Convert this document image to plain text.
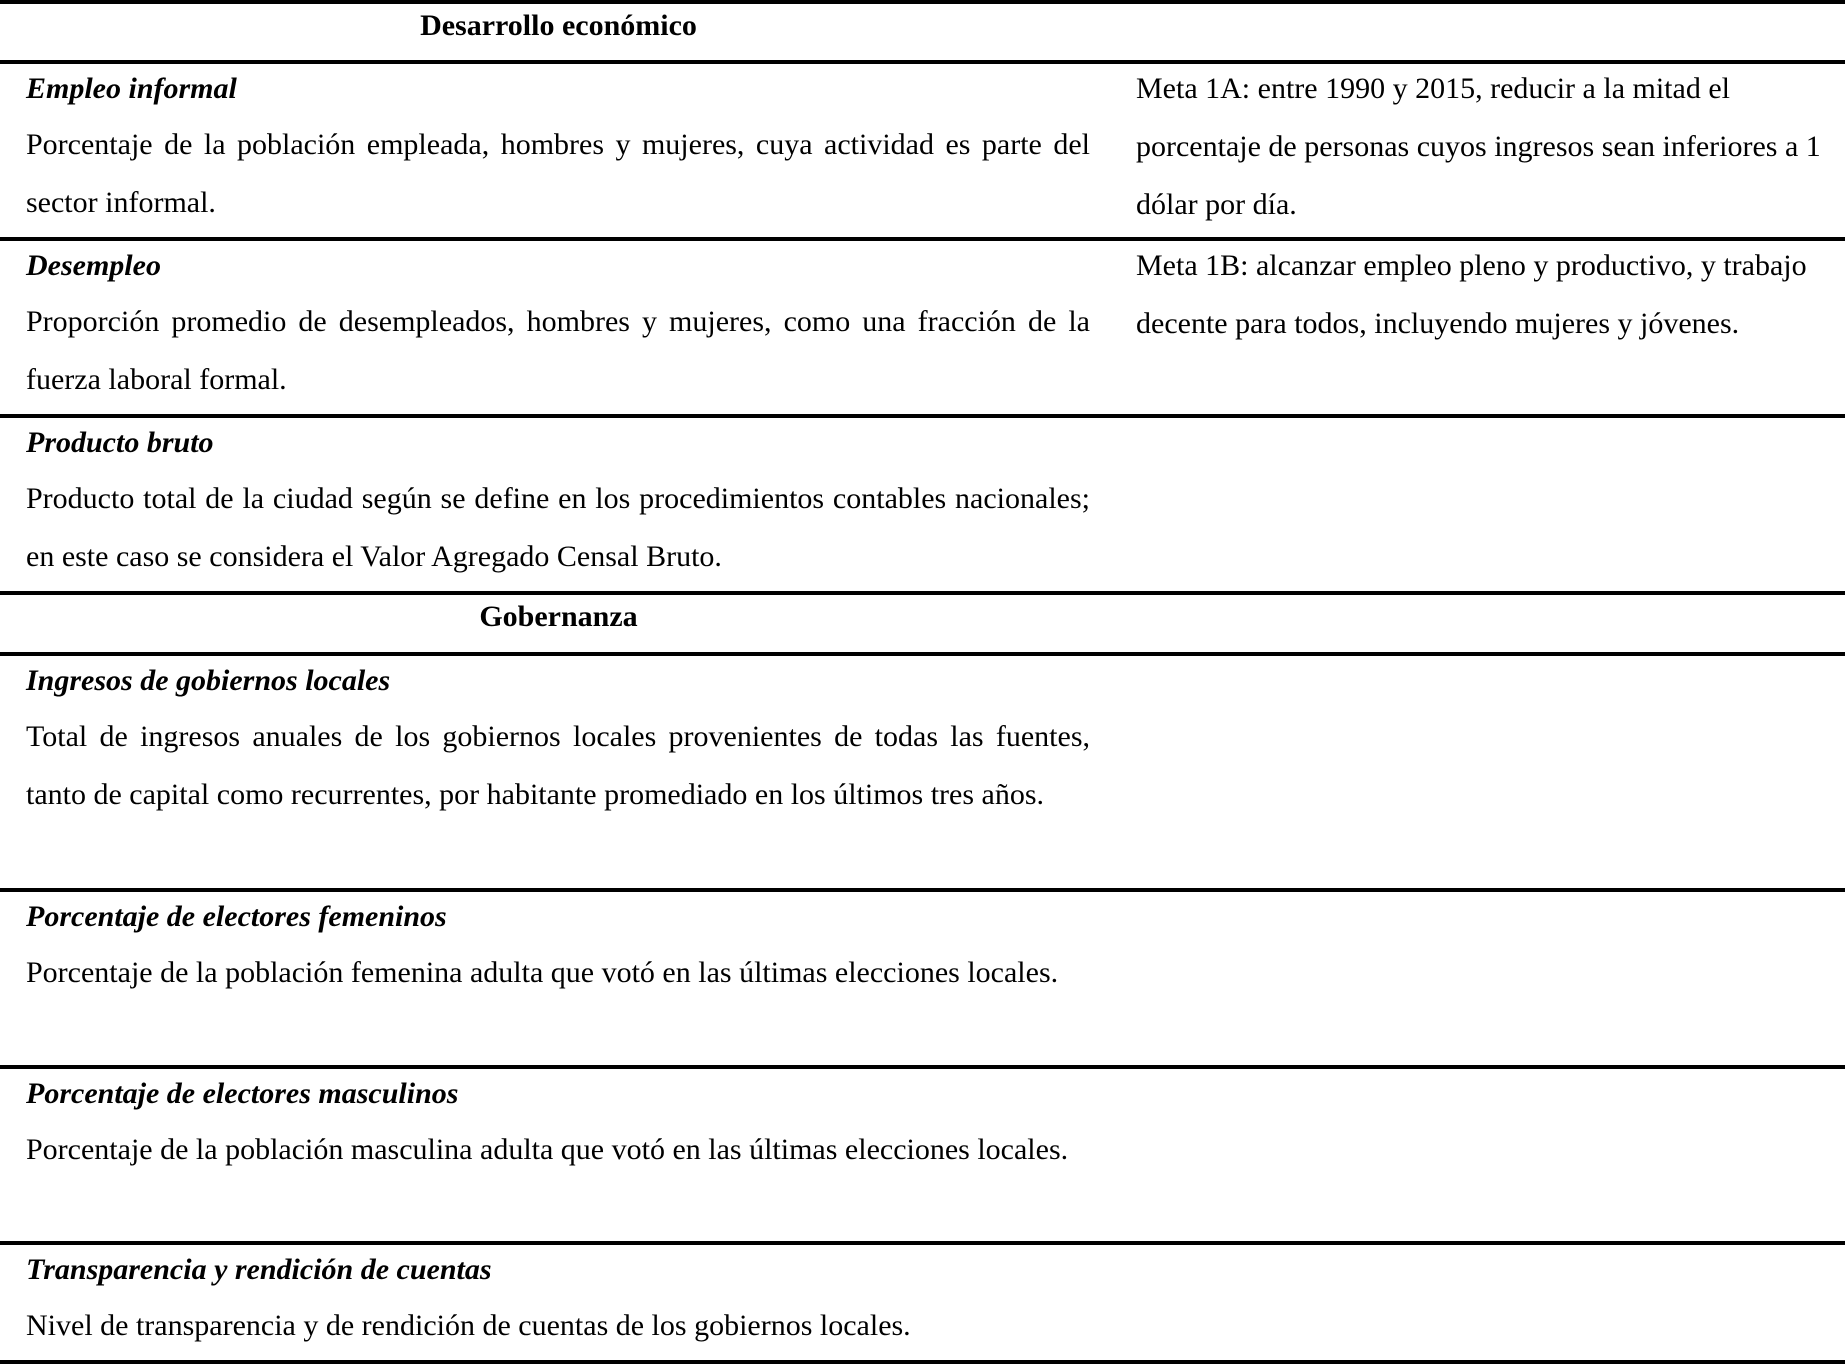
Desarrollo económico
Empleo informal
Porcentaje de la población empleada, hombres y mujeres, cuya actividad es parte del sector informal.
Meta 1A: entre 1990 y 2015, reducir a la mitad el porcentaje de personas cuyos ingresos sean inferiores a 1 dólar por día.
Desempleo
Proporción promedio de desempleados, hombres y mujeres, como una fracción de la fuerza laboral formal.
Meta 1B: alcanzar empleo pleno y productivo, y trabajo decente para todos, incluyendo mujeres y jóvenes.
Producto bruto
Producto total de la ciudad según se define en los procedimientos contables nacionales; en este caso se considera el Valor Agregado Censal Bruto.
Gobernanza
Ingresos de gobiernos locales
Total de ingresos anuales de los gobiernos locales provenientes de todas las fuentes, tanto de capital como recurrentes, por habitante promediado en los últimos tres años.
Porcentaje de electores femeninos
Porcentaje de la población femenina adulta que votó en las últimas elecciones locales.
Porcentaje de electores masculinos
Porcentaje de la población masculina adulta que votó en las últimas elecciones locales.
Transparencia y rendición de cuentas
Nivel de transparencia y de rendición de cuentas de los gobiernos locales.
